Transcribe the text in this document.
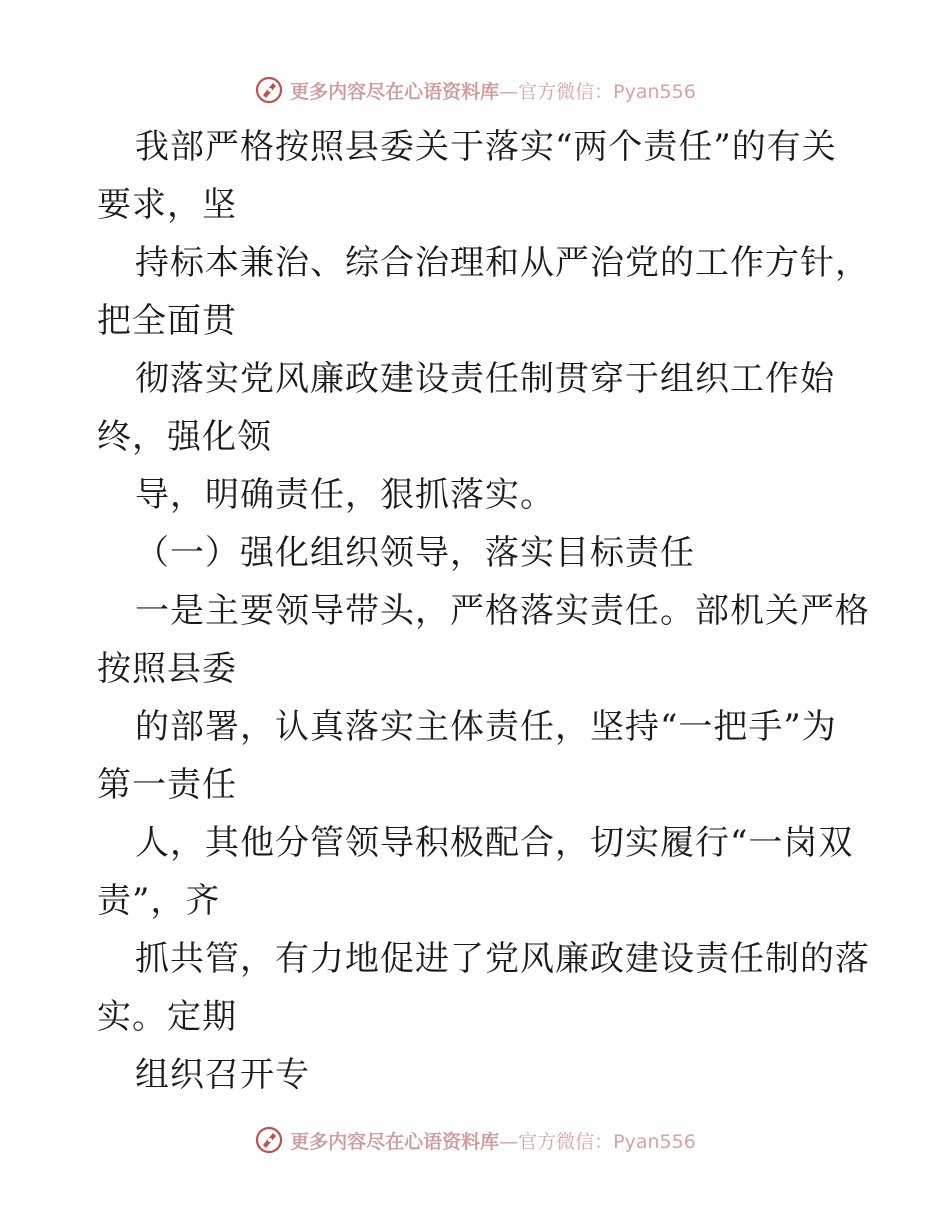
更多内容尽在心语资料库 —官方微信：Pyan556
我部严格按照县委关于落实“两个责任”的有关
要求，坚
持标本兼治、综合治理和从严治党的工作方针，
把全面贯
彻落实党风廉政建设责任制贯穿于组织工作始
终，强化领
导，明确责任，狠抓落实。
（一）强化组织领导，落实目标责任
一是主要领导带头，严格落实责任。部机关严格
按照县委
的部署，认真落实主体责任，坚持“一把手”为
第一责任
人，其他分管领导积极配合，切实履行“一岗双
责”，齐
抓共管，有力地促进了党风廉政建设责任制的落
实。定期
组织召开专
更多内容尽在心语资料库 —官方微信：Pyan556
